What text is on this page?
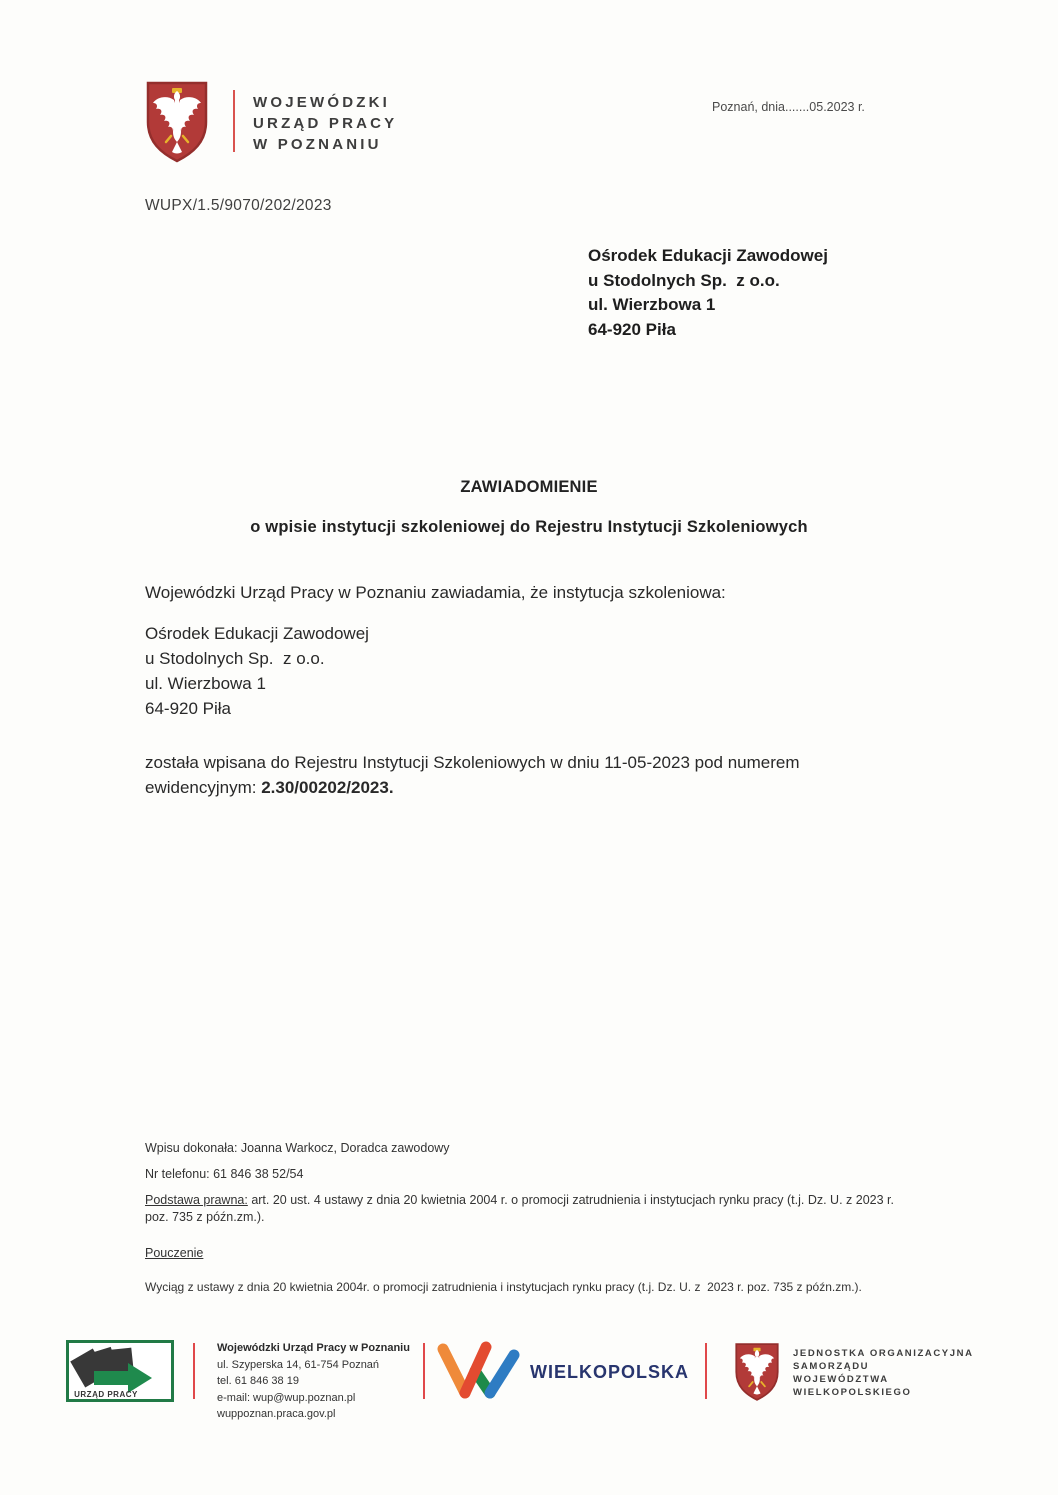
WOJEWÓDZKI
URZĄD PRACY
W POZNANIU
Poznań, dnia.......05.2023 r.
WUPX/1.5/9070/202/2023
Ośrodek Edukacji Zawodowej
u Stodolnych Sp.  z o.o.
ul. Wierzbowa 1
64-920 Piła
ZAWIADOMIENIE
o wpisie instytucji szkoleniowej do Rejestru Instytucji Szkoleniowych
Wojewódzki Urząd Pracy w Poznaniu zawiadamia, że instytucja szkoleniowa:
Ośrodek Edukacji Zawodowej
u Stodolnych Sp.  z o.o.
ul. Wierzbowa 1
64-920 Piła
została wpisana do Rejestru Instytucji Szkoleniowych w dniu 11-05-2023 pod numerem
ewidencyjnym: 2.30/00202/2023.
Wpisu dokonała: Joanna Warkocz, Doradca zawodowy
Nr telefonu: 61 846 38 52/54
Podstawa prawna: art. 20 ust. 4 ustawy z dnia 20 kwietnia 2004 r. o promocji zatrudnienia i instytucjach rynku pracy (t.j. Dz. U. z 2023 r. poz. 735 z późn.zm.).
Pouczenie
Wyciąg z ustawy z dnia 20 kwietnia 2004r. o promocji zatrudnienia i instytucjach rynku pracy (t.j. Dz. U. z  2023 r. poz. 735 z późn.zm.).
URZĄD PRACY
Wojewódzki Urząd Pracy w Poznaniu
ul. Szyperska 14, 61-754 Poznań
tel. 61 846 38 19
e-mail: wup@wup.poznan.pl
wuppoznan.praca.gov.pl
WIELKOPOLSKA
JEDNOSTKA ORGANIZACYJNA
SAMORZĄDU
WOJEWÓDZTWA
WIELKOPOLSKIEGO
